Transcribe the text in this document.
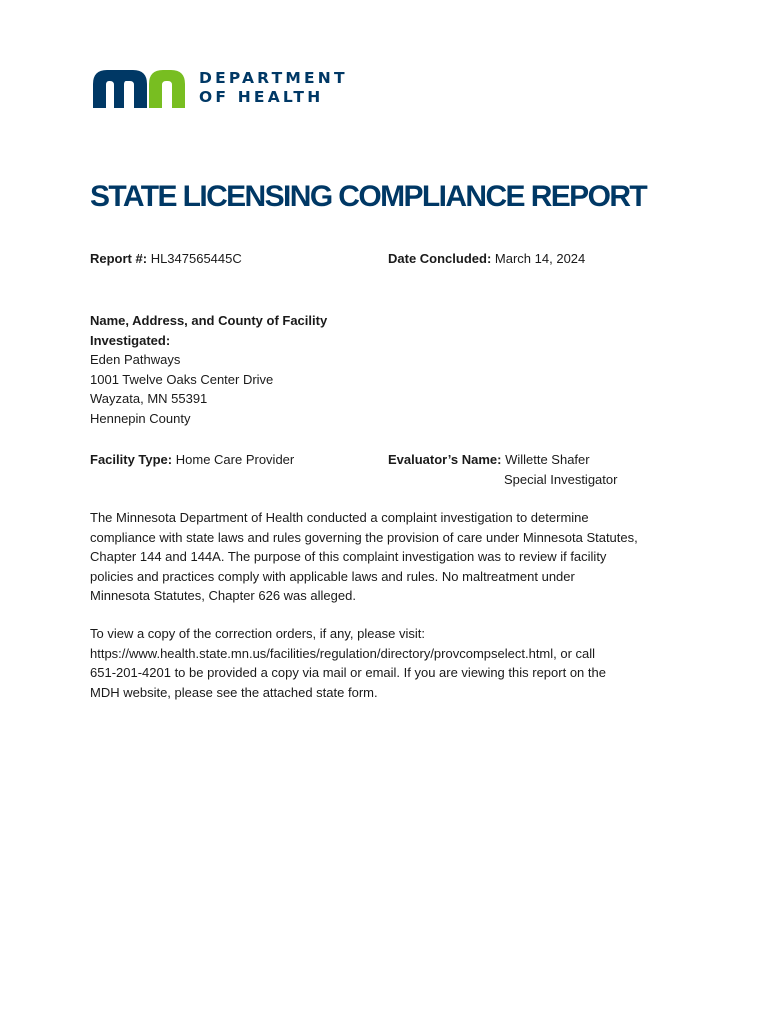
DEPARTMENT
OF HEALTH
STATE LICENSING COMPLIANCE REPORT
Report #: HL347565445C	Date Concluded: March 14, 2024
Name, Address, and County of Facility
Investigated:
Eden Pathways
1001 Twelve Oaks Center Drive
Wayzata, MN 55391
Hennepin County
Facility Type: Home Care Provider	Evaluator’s Name: Willette Shafer
Special Investigator
The Minnesota Department of Health conducted a complaint investigation to determine
compliance with state laws and rules governing the provision of care under Minnesota Statutes,
Chapter 144 and 144A. The purpose of this complaint investigation was to review if facility
policies and practices comply with applicable laws and rules. No maltreatment under
Minnesota Statutes, Chapter 626 was alleged.
To view a copy of the correction orders, if any, please visit:
https://www.health.state.mn.us/facilities/regulation/directory/provcompselect.html, or call
651-201-4201 to be provided a copy via mail or email. If you are viewing this report on the
MDH website, please see the attached state form.
